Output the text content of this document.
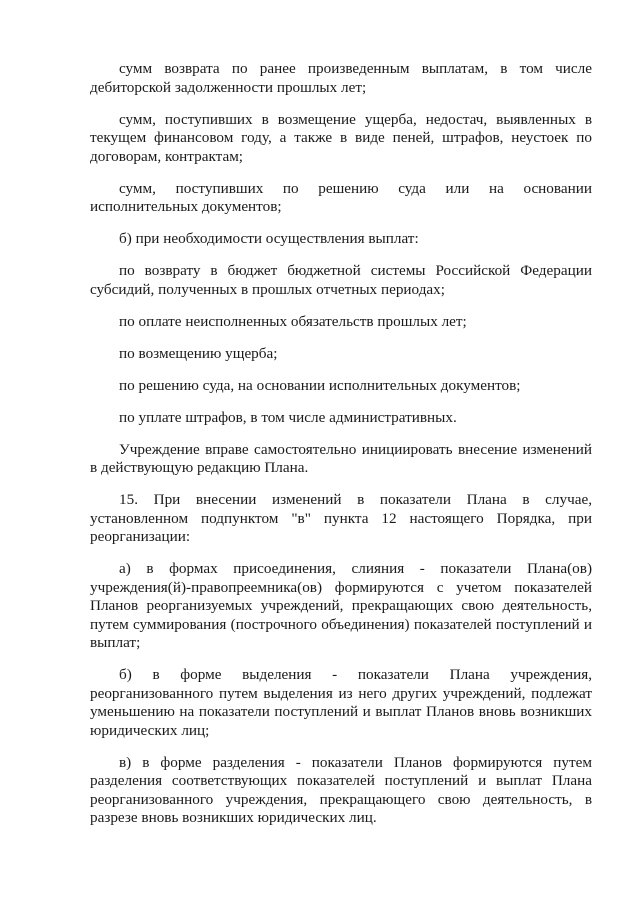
сумм возврата по ранее произведенным выплатам, в том числе дебиторской задолженности прошлых лет;

сумм, поступивших в возмещение ущерба, недостач, выявленных в текущем финансовом году, а также в виде пеней, штрафов, неустоек по договорам, контрактам;

сумм, поступивших по решению суда или на основании исполнительных документов;

б) при необходимости осуществления выплат:

по возврату в бюджет бюджетной системы Российской Федерации субсидий, полученных в прошлых отчетных периодах;

по оплате неисполненных обязательств прошлых лет;

по возмещению ущерба;

по решению суда, на основании исполнительных документов;

по уплате штрафов, в том числе административных.

Учреждение вправе самостоятельно инициировать внесение изменений в действующую редакцию Плана.

15. При внесении изменений в показатели Плана в случае, установленном подпунктом "в" пункта 12 настоящего Порядка, при реорганизации:

а) в формах присоединения, слияния - показатели Плана(ов) учреждения(й)-правопреемника(ов) формируются с учетом показателей Планов реорганизуемых учреждений, прекращающих свою деятельность, путем суммирования (построчного объединения) показателей поступлений и выплат;

б) в форме выделения - показатели Плана учреждения, реорганизованного путем выделения из него других учреждений, подлежат уменьшению на показатели поступлений и выплат Планов вновь возникших юридических лиц;

в) в форме разделения - показатели Планов формируются путем разделения соответствующих показателей поступлений и выплат Плана реорганизованного учреждения, прекращающего свою деятельность, в разрезе вновь возникших юридических лиц.
